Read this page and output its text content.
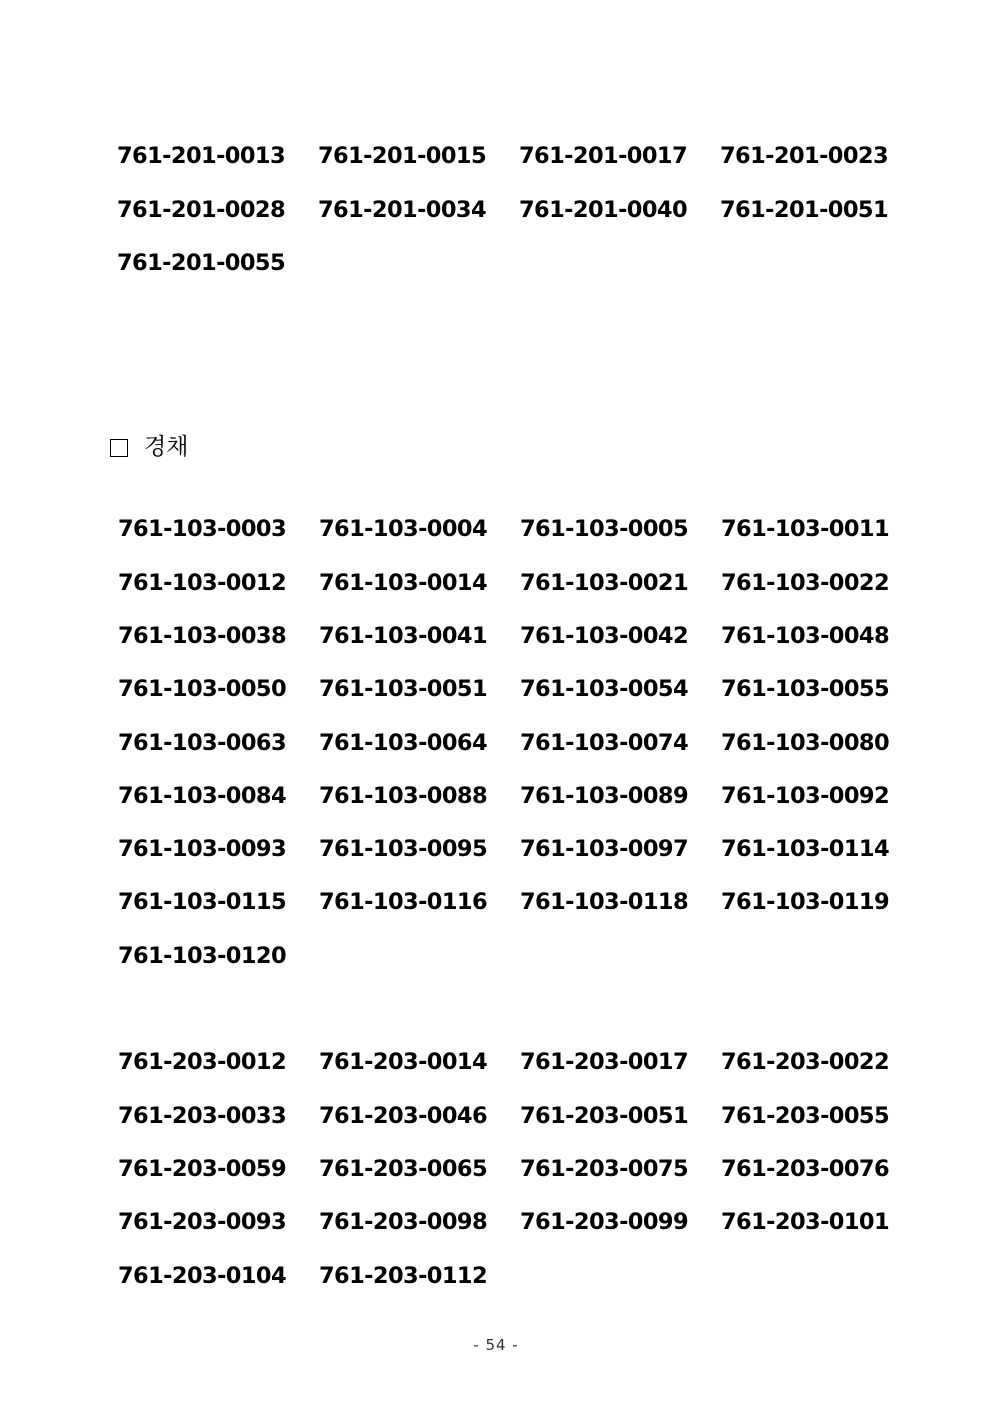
761-201-0013	761-201-0015	761-201-0017	761-201-0023
761-201-0028	761-201-0034	761-201-0040	761-201-0051
761-201-0055
경채
761-103-0003	761-103-0004	761-103-0005	761-103-0011
761-103-0012	761-103-0014	761-103-0021	761-103-0022
761-103-0038	761-103-0041	761-103-0042	761-103-0048
761-103-0050	761-103-0051	761-103-0054	761-103-0055
761-103-0063	761-103-0064	761-103-0074	761-103-0080
761-103-0084	761-103-0088	761-103-0089	761-103-0092
761-103-0093	761-103-0095	761-103-0097	761-103-0114
761-103-0115	761-103-0116	761-103-0118	761-103-0119
761-103-0120
761-203-0012	761-203-0014	761-203-0017	761-203-0022
761-203-0033	761-203-0046	761-203-0051	761-203-0055
761-203-0059	761-203-0065	761-203-0075	761-203-0076
761-203-0093	761-203-0098	761-203-0099	761-203-0101
761-203-0104	761-203-0112
- 54 -
